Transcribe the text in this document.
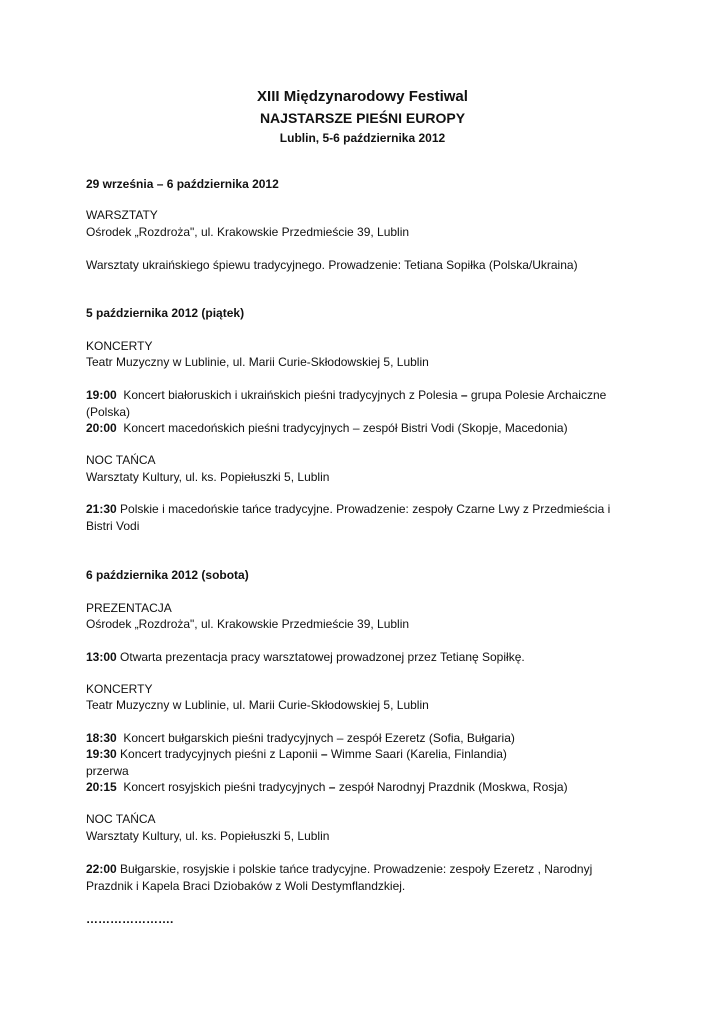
XIII Międzynarodowy Festiwal
NAJSTARSZE PIEŚNI EUROPY
Lublin, 5-6 października 2012
29 września – 6 października 2012
WARSZTATY
Ośrodek „Rozdroża", ul. Krakowskie Przedmieście 39, Lublin
Warsztaty ukraińskiego śpiewu tradycyjnego. Prowadzenie: Tetiana Sopiłka (Polska/Ukraina)
5 października 2012 (piątek)
KONCERTY
Teatr Muzyczny w Lublinie, ul. Marii Curie-Skłodowskiej 5, Lublin
19:00 Koncert białoruskich i ukraińskich pieśni tradycyjnych z Polesia – grupa Polesie Archaiczne (Polska)
20:00 Koncert macedońskich pieśni tradycyjnych – zespół Bistri Vodi (Skopje, Macedonia)
NOC TAŃCA
Warsztaty Kultury, ul. ks. Popiełuszki 5, Lublin
21:30 Polskie i macedońskie tańce tradycyjne. Prowadzenie: zespoły Czarne Lwy z Przedmieścia i Bistri Vodi
6 października 2012 (sobota)
PREZENTACJA
Ośrodek „Rozdroża", ul. Krakowskie Przedmieście 39, Lublin
13:00 Otwarta prezentacja pracy warsztatowej prowadzonej przez Tetianę Sopiłkę.
KONCERTY
Teatr Muzyczny w Lublinie, ul. Marii Curie-Skłodowskiej 5, Lublin
18:30 Koncert bułgarskich pieśni tradycyjnych – zespół Ezeretz (Sofia, Bułgaria)
19:30 Koncert tradycyjnych pieśni z Laponii – Wimme Saari (Karelia, Finlandia)
przerwa
20:15 Koncert rosyjskich pieśni tradycyjnych – zespół Narodnyj Prazdnik (Moskwa, Rosja)
NOC TAŃCA
Warsztaty Kultury, ul. ks. Popiełuszki 5, Lublin
22:00 Bułgarskie, rosyjskie i polskie tańce tradycyjne. Prowadzenie: zespoły Ezeretz , Narodnyj Prazdnik i Kapela Braci Dziobaków z Woli Destymflandzkiej.
………………….
